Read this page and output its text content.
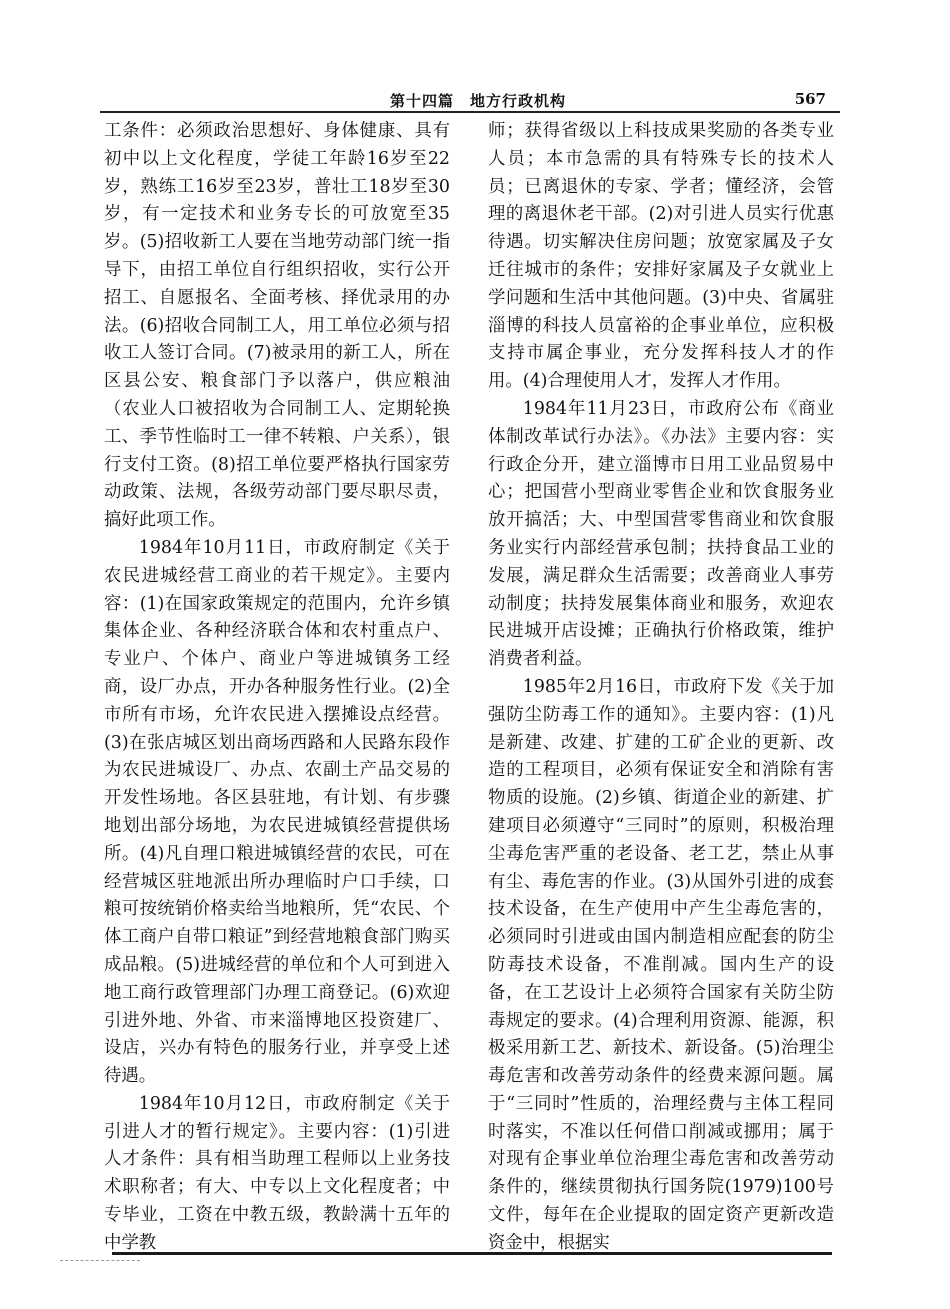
第十四篇　地方行政机构	567

工条件：必须政治思想好、身体健康、具有初中以上文化程度，学徒工年龄16岁至22岁，熟练工16岁至23岁，普壮工18岁至30岁，有一定技术和业务专长的可放宽至35岁。(5)招收新工人要在当地劳动部门统一指导下，由招工单位自行组织招收，实行公开招工、自愿报名、全面考核、择优录用的办法。(6)招收合同制工人，用工单位必须与招收工人签订合同。(7)被录用的新工人，所在区县公安、粮食部门予以落户，供应粮油（农业人口被招收为合同制工人、定期轮换工、季节性临时工一律不转粮、户关系），银行支付工资。(8)招工单位要严格执行国家劳动政策、法规，各级劳动部门要尽职尽责，搞好此项工作。

1984年10月11日，市政府制定《关于农民进城经营工商业的若干规定》。主要内容：(1)在国家政策规定的范围内，允许乡镇集体企业、各种经济联合体和农村重点户、专业户、个体户、商业户等进城镇务工经商，设厂办点，开办各种服务性行业。(2)全市所有市场，允许农民进入摆摊设点经营。(3)在张店城区划出商场西路和人民路东段作为农民进城设厂、办点、农副土产品交易的开发性场地。各区县驻地，有计划、有步骤地划出部分场地，为农民进城镇经营提供场所。(4)凡自理口粮进城镇经营的农民，可在经营城区驻地派出所办理临时户口手续，口粮可按统销价格卖给当地粮所，凭“农民、个体工商户自带口粮证”到经营地粮食部门购买成品粮。(5)进城经营的单位和个人可到进入地工商行政管理部门办理工商登记。(6)欢迎引进外地、外省、市来淄博地区投资建厂、设店，兴办有特色的服务行业，并享受上述待遇。

1984年10月12日，市政府制定《关于引进人才的暂行规定》。主要内容：(1)引进人才条件：具有相当助理工程师以上业务技术职称者；有大、中专以上文化程度者；中专毕业，工资在中教五级，教龄满十五年的中学教

师；获得省级以上科技成果奖励的各类专业人员；本市急需的具有特殊专长的技术人员；已离退休的专家、学者；懂经济，会管理的离退休老干部。(2)对引进人员实行优惠待遇。切实解决住房问题；放宽家属及子女迁往城市的条件；安排好家属及子女就业上学问题和生活中其他问题。(3)中央、省属驻淄博的科技人员富裕的企事业单位，应积极支持市属企事业，充分发挥科技人才的作用。(4)合理使用人才，发挥人才作用。

1984年11月23日，市政府公布《商业体制改革试行办法》。《办法》主要内容：实行政企分开，建立淄博市日用工业品贸易中心；把国营小型商业零售企业和饮食服务业放开搞活；大、中型国营零售商业和饮食服务业实行内部经营承包制；扶持食品工业的发展，满足群众生活需要；改善商业人事劳动制度；扶持发展集体商业和服务，欢迎农民进城开店设摊；正确执行价格政策，维护消费者利益。

1985年2月16日，市政府下发《关于加强防尘防毒工作的通知》。主要内容：(1)凡是新建、改建、扩建的工矿企业的更新、改造的工程项目，必须有保证安全和消除有害物质的设施。(2)乡镇、街道企业的新建、扩建项目必须遵守“三同时”的原则，积极治理尘毒危害严重的老设备、老工艺，禁止从事有尘、毒危害的作业。(3)从国外引进的成套技术设备，在生产使用中产生尘毒危害的，必须同时引进或由国内制造相应配套的防尘防毒技术设备，不准削减。国内生产的设备，在工艺设计上必须符合国家有关防尘防毒规定的要求。(4)合理利用资源、能源，积极采用新工艺、新技术、新设备。(5)治理尘毒危害和改善劳动条件的经费来源问题。属于“三同时”性质的，治理经费与主体工程同时落实，不准以任何借口削减或挪用；属于对现有企事业单位治理尘毒危害和改善劳动条件的，继续贯彻执行国务院(1979)100号文件，每年在企业提取的固定资产更新改造资金中，根据实
